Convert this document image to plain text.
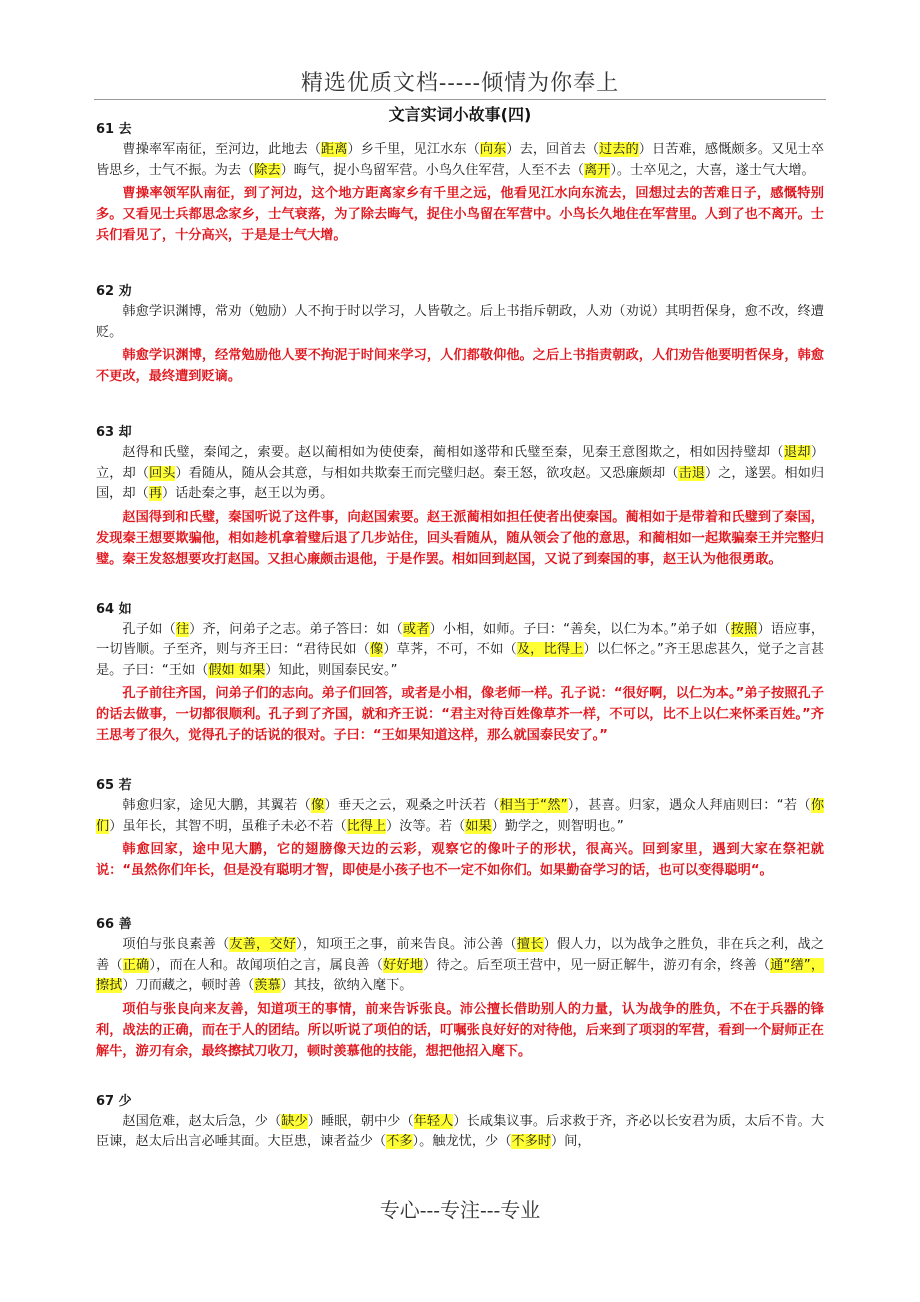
精选优质文档-----倾情为你奉上
文言实词小故事(四)
61 去

曹操率军南征，至河边，此地去（距离）乡千里，见江水东（向东）去，回首去（过去的）日苦难，感慨颇多。又见士卒皆思乡，士气不振。为去（除去）晦气，捉小鸟留军营。小鸟久住军营，人至不去（离开）。士卒见之，大喜，遂士气大增。

曹操率领军队南征，到了河边，这个地方距离家乡有千里之远，他看见江水向东流去，回想过去的苦难日子，感慨特别多。又看见士兵都思念家乡，士气衰落，为了除去晦气，捉住小鸟留在军营中。小鸟长久地住在军营里。人到了也不离开。士兵们看见了，十分高兴，于是是士气大增。

62 劝

韩愈学识渊博，常劝（勉励）人不拘于时以学习，人皆敬之。后上书指斥朝政，人劝（劝说）其明哲保身，愈不改，终遭贬。

韩愈学识渊博，经常勉励他人要不拘泥于时间来学习，人们都敬仰他。之后上书指责朝政，人们劝告他要明哲保身，韩愈不更改，最终遭到贬谪。

63 却

赵得和氏璧，秦闻之，索要。赵以蔺相如为使使秦，蔺相如遂带和氏璧至秦，见秦王意图欺之，相如因持璧却（退却）立，却（回头）看随从，随从会其意，与相如共欺秦王而完璧归赵。秦王怒，欲攻赵。又恐廉颇却（击退）之，遂罢。相如归国，却（再）话赴秦之事，赵王以为勇。

赵国得到和氏璧，秦国听说了这件事，向赵国索要。赵王派蔺相如担任使者出使秦国。蔺相如于是带着和氏璧到了秦国，发现秦王想要欺骗他，相如趁机拿着璧后退了几步站住，回头看随从，随从领会了他的意思，和蔺相如一起欺骗秦王并完整归璧。秦王发怒想要攻打赵国。又担心廉颇击退他，于是作罢。相如回到赵国，又说了到秦国的事，赵王认为他很勇敢。

64 如

孔子如（往）齐，问弟子之志。弟子答曰：如（或者）小相，如师。子曰：“善矣，以仁为本。”弟子如（按照）语应事，一切皆顺。子至齐，则与齐王曰：“君待民如（像）草荠，不可，不如（及，比得上）以仁怀之。”齐王思虑甚久，觉子之言甚是。子曰：“王如（假如 如果）知此，则国泰民安。”

孔子前往齐国，问弟子们的志向。弟子们回答，或者是小相，像老师一样。孔子说：“很好啊，以仁为本。”弟子按照孔子的话去做事，一切都很顺利。孔子到了齐国，就和齐王说：“君主对待百姓像草芥一样，不可以，比不上以仁来怀柔百姓。”齐王思考了很久，觉得孔子的话说的很对。子曰：“王如果知道这样，那么就国泰民安了。”

65 若

韩愈归家，途见大鹏，其翼若（像）垂天之云，观桑之叶沃若（相当于“然”），甚喜。归家，遇众人拜庙则曰：“若（你们）虽年长，其智不明，虽稚子未必不若（比得上）汝等。若（如果）勤学之，则智明也。”

韩愈回家，途中见大鹏，它的翅膀像天边的云彩，观察它的像叶子的形状，很高兴。回到家里，遇到大家在祭祀就说：“虽然你们年长，但是没有聪明才智，即使是小孩子也不一定不如你们。如果勤奋学习的话，也可以变得聪明“。

66 善

项伯与张良素善（友善，交好），知项王之事，前来告良。沛公善（擅长）假人力，以为战争之胜负，非在兵之利，战之善（正确），而在人和。故闻项伯之言，属良善（好好地）待之。后至项王营中，见一厨正解牛，游刃有余，终善（通“缮”，擦拭）刀而藏之，顿时善（羡慕）其技，欲纳入麾下。

项伯与张良向来友善，知道项王的事情，前来告诉张良。沛公擅长借助别人的力量，认为战争的胜负，不在于兵器的锋利，战法的正确，而在于人的团结。所以听说了项伯的话，叮嘱张良好好的对待他，后来到了项羽的军营，看到一个厨师正在解牛，游刃有余，最终擦拭刀收刀，顿时羡慕他的技能，想把他招入麾下。

67 少

赵国危难，赵太后急，少（缺少）睡眠，朝中少（年轻人）长咸集议事。后求救于齐，齐必以长安君为质，太后不肯。大臣谏，赵太后出言必唾其面。大臣患，谏者益少（不多）。触龙忧，少（不多时）间，

专心---专注---专业
